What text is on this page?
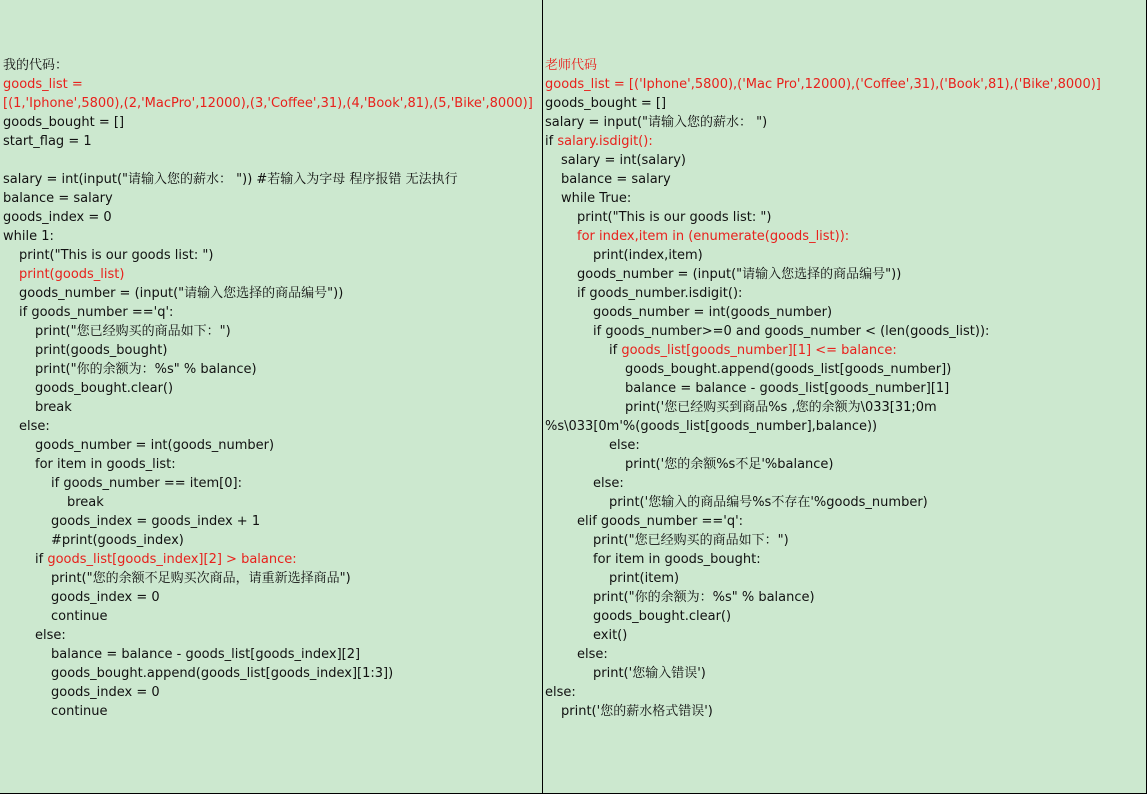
我的代码：
goods_list =
[(1,'Iphone',5800),(2,'MacPro',12000),(3,'Coffee',31),(4,'Book',81),(5,'Bike',8000)]
goods_bought = []
start_flag = 1
salary = int(input("请输入您的薪水： ")) #若输入为字母 程序报错 无法执行
balance = salary
goods_index = 0
while 1:
print("This is our goods list: ")
print(goods_list)
goods_number = (input("请输入您选择的商品编号"))
if goods_number =='q':
print("您已经购买的商品如下：")
print(goods_bought)
print("你的余额为：%s" % balance)
goods_bought.clear()
break
else:
goods_number = int(goods_number)
for item in goods_list:
if goods_number == item[0]:
break
goods_index = goods_index + 1
#print(goods_index)
if goods_list[goods_index][2] > balance:
print("您的余额不足购买次商品，请重新选择商品")
goods_index = 0
continue
else:
balance = balance - goods_list[goods_index][2]
goods_bought.append(goods_list[goods_index][1:3])
goods_index = 0
continue
老师代码
goods_list = [('Iphone',5800),('Mac Pro',12000),('Coffee',31),('Book',81),('Bike',8000)]
goods_bought = []
salary = input("请输入您的薪水： ")
if salary.isdigit():
salary = int(salary)
balance = salary
while True:
print("This is our goods list: ")
for index,item in (enumerate(goods_list)):
print(index,item)
goods_number = (input("请输入您选择的商品编号"))
if goods_number.isdigit():
goods_number = int(goods_number)
if goods_number>=0 and goods_number < (len(goods_list)):
if goods_list[goods_number][1] <= balance:
goods_bought.append(goods_list[goods_number])
balance = balance - goods_list[goods_number][1]
print('您已经购买到商品%s ,您的余额为\033[31;0m
%s\033[0m'%(goods_list[goods_number],balance))
else:
print('您的余额%s不足'%balance)
else:
print('您输入的商品编号%s不存在'%goods_number)
elif goods_number =='q':
print("您已经购买的商品如下：")
for item in goods_bought:
print(item)
print("你的余额为：%s" % balance)
goods_bought.clear()
exit()
else:
print('您输入错误')
else:
print('您的薪水格式错误')
